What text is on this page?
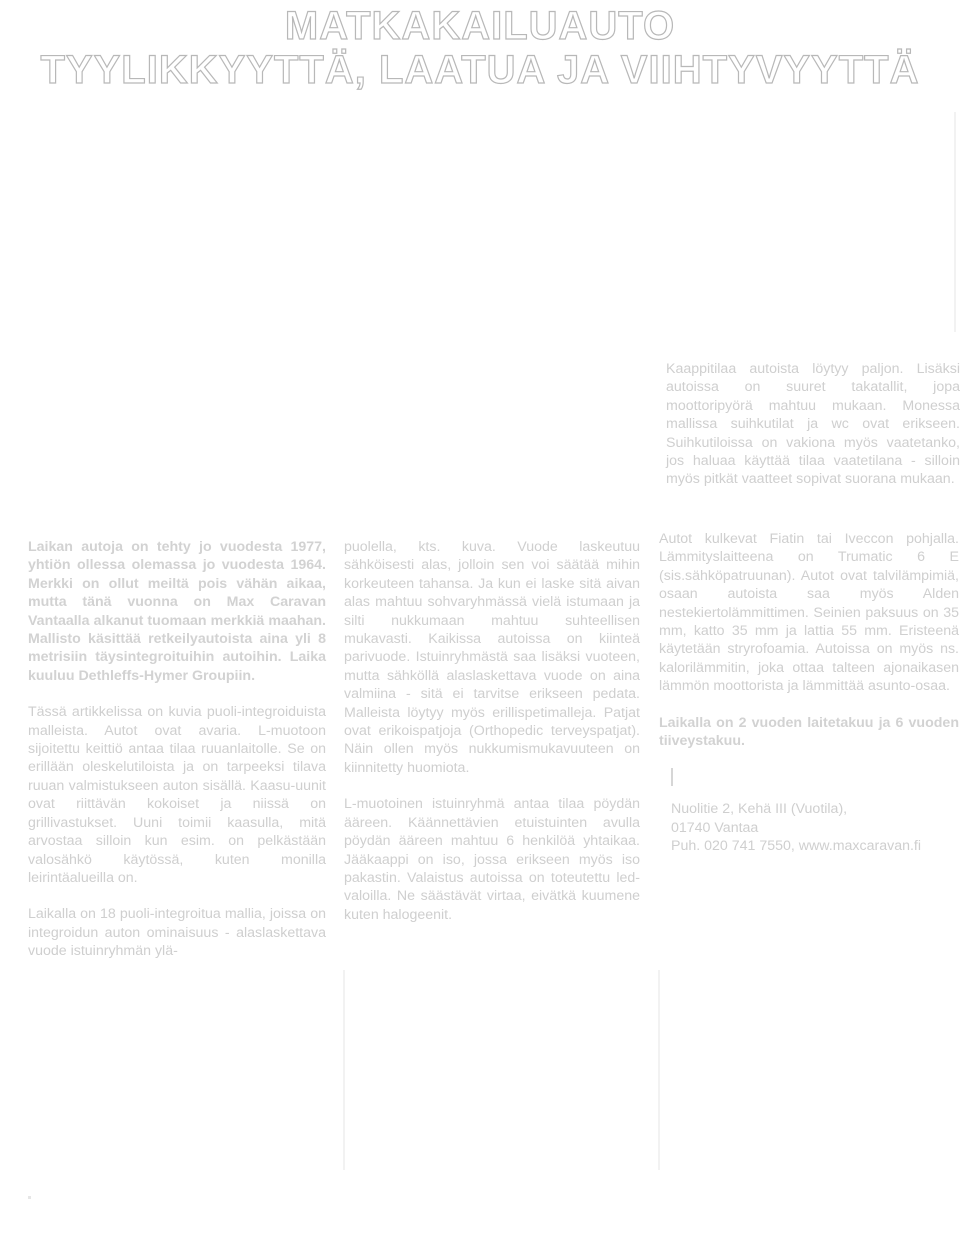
MATKAKAILUAUTO
TYYLIKKYYTTÄ, LAATUA JA VIIHTYVYYTTÄ

Kaappitilaa autoista löytyy paljon. Lisäksi autoissa on suuret takatallit, jopa moottoripyörä mahtuu mukaan. Monessa mallissa suihkutilat ja wc ovat erikseen. Suihkutiloissa on vakiona myös vaatetanko, jos haluaa käyttää tilaa vaatetilana - silloin myös pitkät vaatteet sopivat suorana mukaan.

Laikan autoja on tehty jo vuodesta 1977, yhtiön ollessa olemassa jo vuodesta 1964. Merkki on ollut meiltä pois vähän aikaa, mutta tänä vuonna on Max Caravan Vantaalla alkanut tuomaan merkkiä maahan. Mallisto käsittää retkeilyautoista aina yli 8 metrisiin täysintegroituihin autoihin. Laika kuuluu Dethleffs-Hymer Groupiin.

Tässä artikkelissa on kuvia puoli-integroiduista malleista. Autot ovat avaria. L-muotoon sijoitettu keittiö antaa tilaa ruuanlaitolle. Se on erillään oleskelutiloista ja on tarpeeksi tilava ruuan valmistukseen auton sisällä. Kaasu-uunit ovat riittävän kokoiset ja niissä on grillivastukset. Uuni toimii kaasulla, mitä arvostaa silloin kun esim. on pelkästään valosähkö käytössä, kuten monilla leirintäalueilla on.

Laikalla on 18 puoli-integroitua mallia, joissa on integroidun auton ominaisuus - alaslaskettava vuode istuinryhmän ylä-

puolella, kts. kuva. Vuode laskeutuu sähköisesti alas, jolloin sen voi säätää mihin korkeuteen tahansa. Ja kun ei laske sitä aivan alas mahtuu sohvaryhmässä vielä istumaan ja silti nukkumaan mahtuu suhteellisen mukavasti. Kaikissa autoissa on kiinteä parivuode. Istuinryhmästä saa lisäksi vuoteen, mutta sähköllä alaslaskettava vuode on aina valmiina - sitä ei tarvitse erikseen pedata. Malleista löytyy myös erillispetimalleja. Patjat ovat erikoispatjoja (Orthopedic terveyspatjat). Näin ollen myös nukkumismukavuuteen on kiinnitetty huomiota.

L-muotoinen istuinryhmä antaa tilaa pöydän ääreen. Käännettävien etuistuinten avulla pöydän ääreen mahtuu 6 henkilöä yhtaikaa. Jääkaappi on iso, jossa erikseen myös iso pakastin. Valaistus autoissa on toteutettu led-valoilla. Ne säästävät virtaa, eivätkä kuumene kuten halogeenit.

Autot kulkevat Fiatin tai Iveccon pohjalla. Lämmityslaitteena on Trumatic 6 E (sis.sähköpatruunan). Autot ovat talvilämpimiä, osaan autoista saa myös Alden nestekiertolämmittimen. Seinien paksuus on 35 mm, katto 35 mm ja lattia 55 mm. Eristeenä käytetään stryrofoamia. Autoissa on myös ns. kalorilämmitin, joka ottaa talteen ajonaikasen lämmön moottorista ja lämmittää asunto-osaa.

Laikalla on 2 vuoden laitetakuu ja 6 vuoden tiiveystakuu.

Nuolitie 2, Kehä III (Vuotila),

01740 Vantaa

Puh. 020 741 7550, www.maxcaravan.fi
